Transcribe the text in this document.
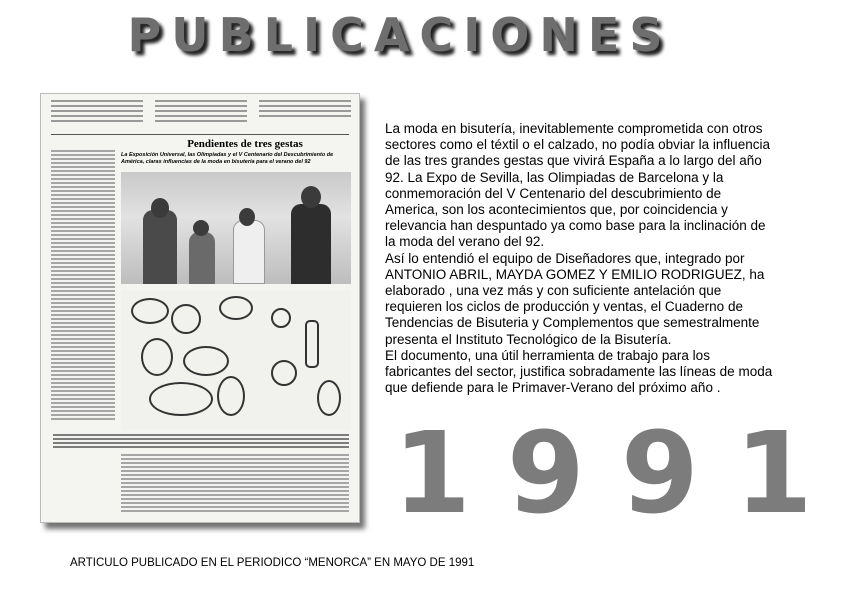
PUBLICACIONES
Pendientes de tres gestas
La Exposición Universal, las Olimpiadas y el V Centenario del Descubrimiento de América, claras influencias de la moda en bisutería para el verano del 92

La moda en bisutería, inevitablemente comprometida con otros sectores como el téxtil o el calzado, no podía obviar la influencia de las tres grandes gestas que vivirá España a lo largo del año 92. La Expo de Sevilla, las Olimpiadas de Barcelona y la conmemoración del V Centenario del descubrimiento de America, son los acontecimientos que, por coincidencia y relevancia han despuntado ya como base para la inclinación de la moda del verano del 92.

Así lo entendió el equipo de Diseñadores que, integrado por ANTONIO ABRIL, MAYDA GOMEZ Y EMILIO RODRIGUEZ, ha elaborado , una vez más y con suficiente antelación que requieren los ciclos de producción y ventas, el Cuaderno de Tendencias de Bisuteria y Complementos que semestralmente presenta el Instituto Tecnológico de la Bisutería.

El documento, una útil herramienta de trabajo para los fabricantes del sector, justifica sobradamente las líneas de moda que defiende para le Primaver-Verano del próximo año .

1991
ARTICULO PUBLICADO EN EL PERIODICO “MENORCA” EN MAYO DE 1991
